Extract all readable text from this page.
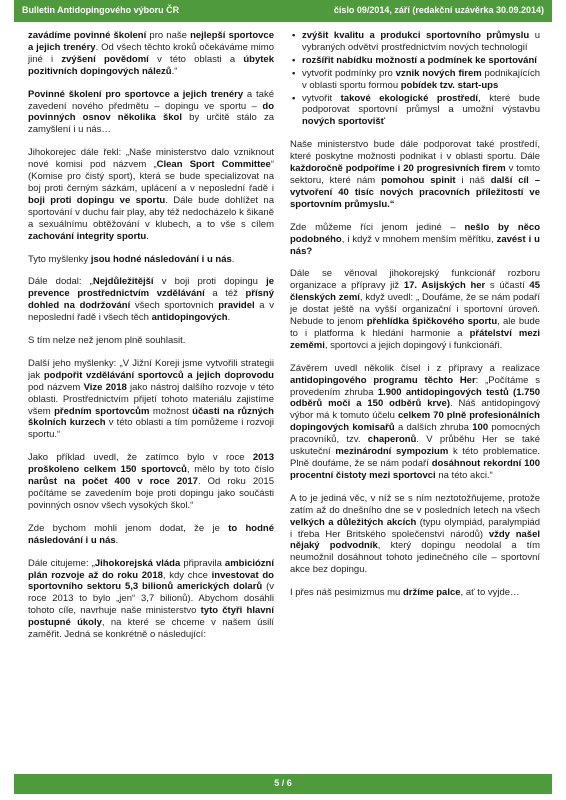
Bulletin Antidopingového výboru ČR	číslo 09/2014, září (redakční uzávěrka 30.09.2014)

zavádíme povinné školení pro naše nejlepší sportovce a jejich trenéry. Od všech těchto kroků očekáváme mimo jiné i zvýšení povědomí v této oblasti a úbytek pozitivních dopingových nálezů.“

Povinné školení pro sportovce a jejich trenéry a také zavedení nového předmětu – dopingu ve sportu – do povinných osnov několika škol by určitě stálo za zamyšlení i u nás…

Jihokorejec dále řekl: „Naše ministerstvo dalo vzniknout nové komisi pod názvem „Clean Sport Committee“ (Komise pro čistý sport), která se bude specializovat na boj proti černým sázkám, uplácení a v neposlední řadě i boji proti dopingu ve sportu. Dále bude dohlížet na sportování v duchu fair play, aby též nedocházelo k šikaně a sexuálnímu obtěžování v klubech, a to vše s cílem zachování integrity sportu.

Tyto myšlenky jsou hodné následování i u nás.

Dále dodal: „Nejdůležitější v boji proti dopingu je prevence prostřednictvím vzdělávání a též přísný dohled na dodržování všech sportovních pravidel a v neposlední řadě i všech těch antidopingových.

S tím nelze než jenom plně souhlasit.

Další jeho myšlenky: „V Jižní Koreji jsme vytvořili strategii jak podpořit vzdělávání sportovců a jejich doprovodu pod názvem Vize 2018 jako nástroj dalšího rozvoje v této oblasti. Prostřednictvím přijetí tohoto materiálu zajistíme všem předním sportovcům možnost účasti na různých školních kurzech v této oblasti a tím pomůžeme i rozvoji sportu.“

Jako příklad uvedl, že zatímco bylo v roce 2013 proškoleno celkem 150 sportovců, mělo by toto číslo narůst na počet 400 v roce 2017. Od roku 2015 počítáme se zavedením boje proti dopingu jako součásti povinných osnov všech vysokých škol.“

Zde bychom mohli jenom dodat, že je to hodné následování i u nás.

Dále citujeme: „Jihokorejská vláda připravila ambiciózní plán rozvoje až do roku 2018, kdy chce investovat do sportovního sektoru 5,3 bilionů amerických dolarů (v roce 2013 to bylo „jen“ 3,7 bilionů). Abychom dosáhli tohoto cíle, navrhuje naše ministerstvo tyto čtyři hlavní postupné úkoly, na které se chceme v našem úsilí zaměřit. Jedná se konkrétně o následující:

• zvýšit kvalitu a produkci sportovního průmyslu u vybraných odvětví prostřednictvím nových technologií
• rozšířit nabídku možností a podmínek ke sportování
• vytvořit podmínky pro vznik nových firem podnikajících v oblasti sportu formou pobídek tzv. start-ups
• vytvořit takové ekologické prostředí, které bude podporovat sportovní průmysl a umožní výstavbu nových sportovišť

Naše ministerstvo bude dále podporovat také prostředí, které poskytne možnosti podnikat i v oblasti sportu. Dále každoročně podpoříme i 20 progresivních firem v tomto sektoru, které nám pomohou spinit i náš další cíl – vytvoření 40 tisíc nových pracovních příležitostí ve sportovním průmyslu.“

Zde můžeme říci jenom jediné – nešlo by něco podobného, i když v mnohem menším měřítku, zavést i u nás?

Dále se věnoval jihokorejský funkcionář rozboru organizace a přípravy již 17. Asijských her s účastí 45 členských zemí, když uvedl: „ Doufáme, že se nám podaří je dostat ještě na vyšší organizační i sportovní úroveň. Nebude to jenom přehlídka špičkového sportu, ale bude to i platforma k hledání harmonie a přátelství mezi zeměmi, sportovci a jejich dopingový i funkcionáři.

Závěrem uvedl několik čísel i z přípravy a realizace antidopingového programu těchto Her: „Počítáme s provedením zhruba 1.900 antidopingových testů (1.750 odběrů moči a 150 odběrů krve). Náš antidopingový výbor má k tomuto účelu celkem 70 plně profesionálních dopingových komisařů a dalších zhruba 100 pomocných pracovníků, tzv. chaperonů. V průběhu Her se také uskuteční mezinárodní sympozium k této problematice. Plně doufáme, že se nám podaří dosáhnout rekordní 100 procentní čistoty mezi sportovci na této akci.“

A to je jediná věc, v níž se s ním neztotožňujeme, protože zatím až do dnešního dne se v posledních letech na všech velkých a důležitých akcích (typu olympiád, paralympiád i třeba Her Britského společenství národů) vždy našel nějaký podvodník, který dopingu neodolal a tím neumožnil dosáhnout tohoto jedinečného cíle – sportovní akce bez dopingu.

I přes náš pesimizmus mu držíme palce, ať to vyjde…

5 / 6
